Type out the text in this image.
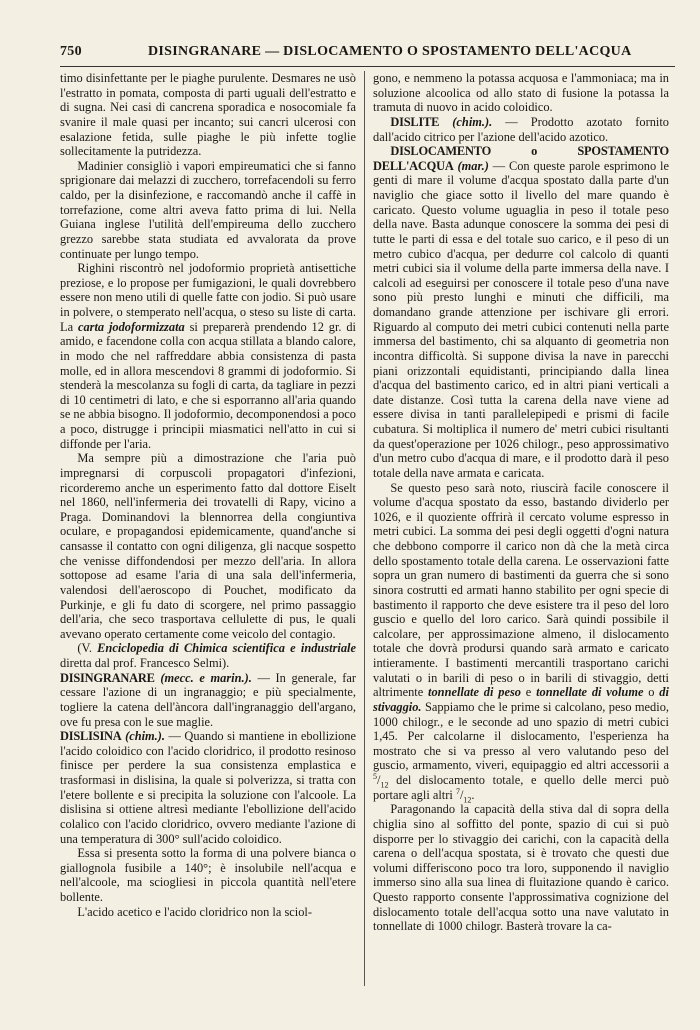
750	DISINGRANARE — DISLOCAMENTO O SPOSTAMENTO DELL'ACQUA

timo disinfettante per le piaghe purulente. Desmares ne usò l'estratto in pomata, composta di parti uguali dell'estratto e di sugna. Nei casi di cancrena sporadica e nosocomiale fa svanire il male quasi per incanto; sui cancri ulcerosi con esalazione fetida, sulle piaghe le più infette toglie sollecitamente la putridezza.

Madinier consigliò i vapori empireumatici che si fanno sprigionare dai melazzi di zucchero, torrefacendoli su ferro caldo, per la disinfezione, e raccomandò anche il caffè in torrefazione, come altri aveva fatto prima di lui. Nella Guiana inglese l'utilità dell'empireuma dello zucchero grezzo sarebbe stata studiata ed avvalorata da prove continuate per lungo tempo.

Righini riscontrò nel jodoformio proprietà antisettiche preziose, e lo propose per fumigazioni, le quali dovrebbero essere non meno utili di quelle fatte con jodio. Si può usare in polvere, o stemperato nell'acqua, o steso su liste di carta. La carta jodoformizzata si preparerà prendendo 12 gr. di amido, e facendone colla con acqua stillata a blando calore, in modo che nel raffreddare abbia consistenza di pasta molle, ed in allora mescendovi 8 grammi di jodoformio. Si stenderà la mescolanza su fogli di carta, da tagliare in pezzi di 10 centimetri di lato, e che si esporranno all'aria quando se ne abbia bisogno. Il jodoformio, decomponendosi a poco a poco, distrugge i principii miasmatici nell'atto in cui si diffonde per l'aria.

Ma sempre più a dimostrazione che l'aria può impregnarsi di corpuscoli propagatori d'infezioni, ricorderemo anche un esperimento fatto dal dottore Eiselt nel 1860, nell'infermeria dei trovatelli di Rapy, vicino a Praga. Dominandovi la blennorrea della congiuntiva oculare, e propagandosi epidemicamente, quand'anche si cansasse il contatto con ogni diligenza, gli nacque sospetto che venisse diffondendosi per mezzo dell'aria. In allora sottopose ad esame l'aria di una sala dell'infermeria, valendosi dell'aeroscopo di Pouchet, modificato da Purkinje, e gli fu dato di scorgere, nel primo passaggio dell'aria, che seco trasportava cellulette di pus, le quali avevano operato certamente come veicolo del contagio.

(V. Enciclopedia di Chimica scientifica e industriale diretta dal prof. Francesco Selmi).

DISINGRANARE (mecc. e marin.). — In generale, far cessare l'azione di un ingranaggio; e più specialmente, togliere la catena dell'àncora dall'ingranaggio dell'argano, ove fu presa con le sue maglie.

DISLISINA (chim.). — Quando si mantiene in ebollizione l'acido coloidico con l'acido cloridrico, il prodotto resinoso finisce per perdere la sua consistenza emplastica e trasformasi in dislisina, la quale si polverizza, si tratta con l'etere bollente e si precipita la soluzione con l'alcoole. La dislisina si ottiene altresì mediante l'ebollizione dell'acido colalico con l'acido cloridrico, ovvero mediante l'azione di una temperatura di 300° sull'acido coloidico.

Essa si presenta sotto la forma di una polvere bianca o giallognola fusibile a 140°; è insolubile nell'acqua e nell'alcoole, ma sciogliesi in piccola quantità nell'etere bollente.

L'acido acetico e l'acido cloridrico non la sciol-

gono, e nemmeno la potassa acquosa e l'ammoniaca; ma in soluzione alcoolica od allo stato di fusione la potassa la tramuta di nuovo in acido coloidico.

DISLITE (chim.). — Prodotto azotato fornito dall'acido citrico per l'azione dell'acido azotico.

DISLOCAMENTO o SPOSTAMENTO DELL'ACQUA (mar.) — Con queste parole esprimono le genti di mare il volume d'acqua spostato dalla parte d'un naviglio che giace sotto il livello del mare quando è caricato. Questo volume uguaglia in peso il totale peso della nave. Basta adunque conoscere la somma dei pesi di tutte le parti di essa e del totale suo carico, e il peso di un metro cubico d'acqua, per dedurre col calcolo di quanti metri cubici sia il volume della parte immersa della nave. I calcoli ad eseguirsi per conoscere il totale peso d'una nave sono più presto lunghi e minuti che difficili, ma domandano grande attenzione per ischivare gli errori. Riguardo al computo dei metri cubici contenuti nella parte immersa del bastimento, chi sa alquanto di geometria non incontra difficoltà. Si suppone divisa la nave in parecchi piani orizzontali equidistanti, principiando dalla linea d'acqua del bastimento carico, ed in altri piani verticali a date distanze. Così tutta la carena della nave viene ad essere divisa in tanti parallelepipedi e prismi di facile cubatura. Si moltiplica il numero de' metri cubici risultanti da quest'operazione per 1026 chilogr., peso approssimativo d'un metro cubo d'acqua di mare, e il prodotto darà il peso totale della nave armata e caricata.

Se questo peso sarà noto, riuscirà facile conoscere il volume d'acqua spostato da esso, bastando dividerlo per 1026, e il quoziente offrirà il cercato volume espresso in metri cubici. La somma dei pesi degli oggetti d'ogni natura che debbono comporre il carico non dà che la metà circa dello spostamento totale della carena. Le osservazioni fatte sopra un gran numero di bastimenti da guerra che si sono sinora costrutti ed armati hanno stabilito per ogni specie di bastimento il rapporto che deve esistere tra il peso del loro guscio e quello del loro carico. Sarà quindi possibile il calcolare, per approssimazione almeno, il dislocamento totale che dovrà prodursi quando sarà armato e caricato intieramente. I bastimenti mercantili trasportano carichi valutati o in barili di peso o in barili di stivaggio, detti altrimente tonnellate di peso e tonnellate di volume o di stivaggio. Sappiamo che le prime si calcolano, peso medio, 1000 chilogr., e le seconde ad uno spazio di metri cubici 1,45. Per calcolarne il dislocamento, l'esperienza ha mostrato che si va presso al vero valutando peso del guscio, armamento, viveri, equipaggio ed altri accessorii a $^5/_{12}$ del dislocamento totale, e quello delle merci può portare agli altri $^7/_{12}$.

Paragonando la capacità della stiva dal di sopra della chiglia sino al soffitto del ponte, spazio di cui si può disporre per lo stivaggio dei carichi, con la capacità della carena o dell'acqua spostata, si è trovato che questi due volumi differiscono poco tra loro, supponendo il naviglio immerso sino alla sua linea di fluitazione quando è carico. Questo rapporto consente l'approssimativa cognizione del dislocamento totale dell'acqua sotto una nave valutato in tonnellate di 1000 chilogr. Basterà trovare la ca-
